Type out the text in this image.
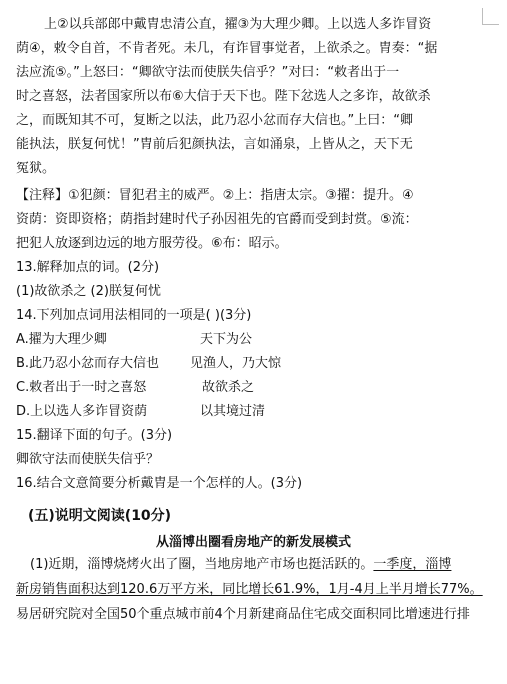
上②以兵部郎中戴胄忠清公直，擢③为大理少卿。上以选人多诈冒资
荫④，敕令自首，不肯者死。未几，有诈冒事觉者，上欲杀之。胄奏：“据
法应流⑤。”上怒曰：“卿欲守法而使朕失信乎？”对曰：“敕者出于一
时之喜怒，法者国家所以布⑥大信于天下也。陛下忿选人之多诈，故欲杀
之，而既知其不可，复断之以法，此乃忍小忿而存大信也。”上曰：“卿
能执法，朕复何忧！”胄前后犯颜执法，言如涌泉，上皆从之，天下无
冤狱。
【注释】①犯颜：冒犯君主的威严。②上：指唐太宗。③擢：提升。④
资荫：资即资格；荫指封建时代子孙因祖先的官爵而受到封赏。⑤流：
把犯人放逐到边远的地方服劳役。⑥布：昭示。
13.解释加点的词。(2分)
(1)故欲杀之 (2)朕复何忧
14.下列加点词用法相同的一项是( )(3分)
A.擢为大理少卿	天下为公
B.此乃忍小忿而存大信也 见渔人，乃大惊
C.敕者出于一时之喜怒	故欲杀之
D.上以选人多诈冒资荫	以其境过清
15.翻译下面的句子。(3分)
卿欲守法而使朕失信乎？
16.结合文意简要分析戴胄是一个怎样的人。(3分)
(五)说明文阅读(10分)
从淄博出圈看房地产的新发展模式
(1)近期，淄博烧烤火出了圈，当地房地产市场也挺活跃的。一季度，淄博
新房销售面积达到120.6万平方米，同比增长61.9%，1月-4月上半月增长77%。
易居研究院对全国50个重点城市前4个月新建商品住宅成交面积同比增速进行排
